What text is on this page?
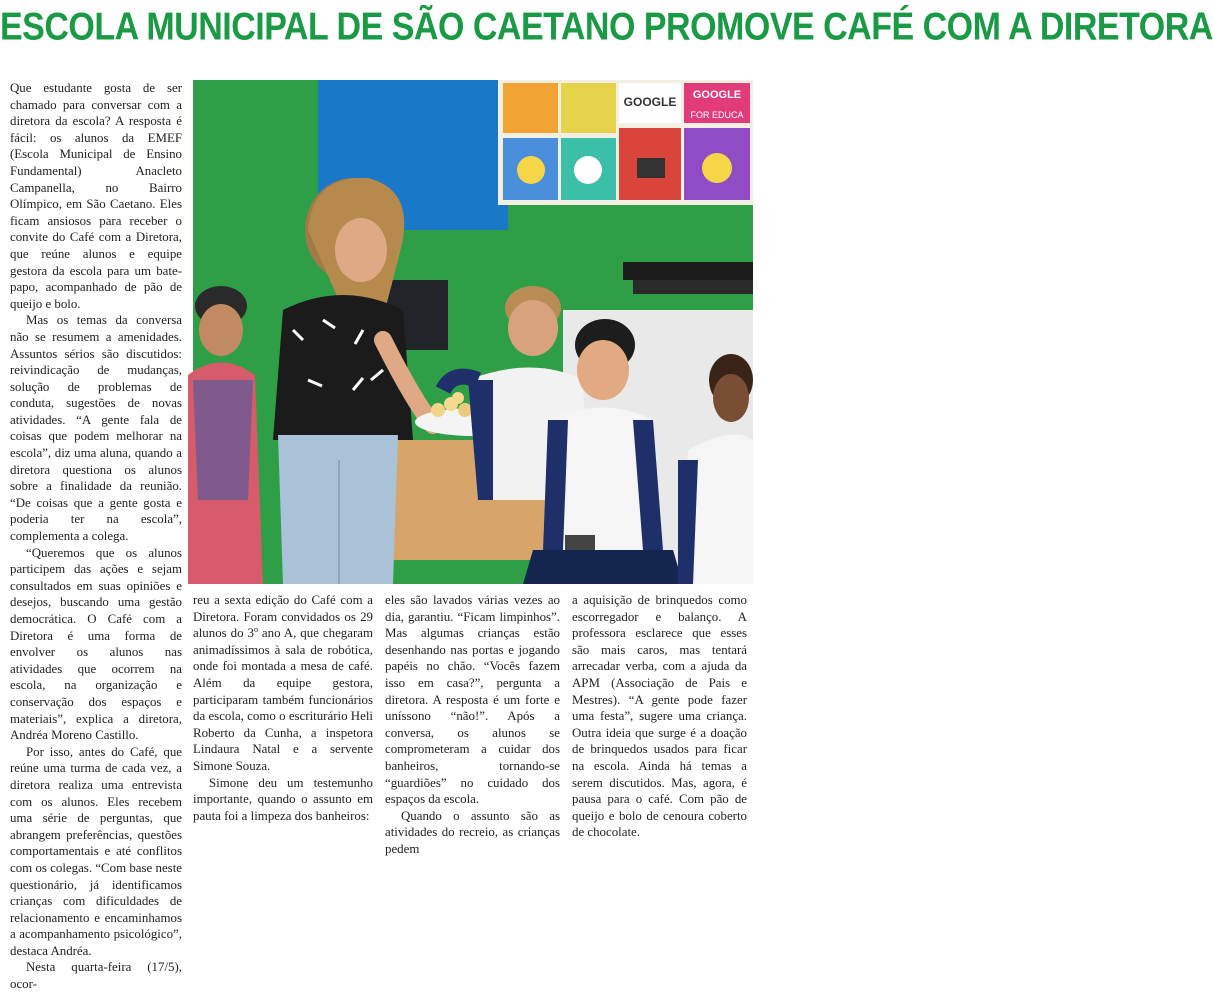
ESCOLA MUNICIPAL DE SÃO CAETANO PROMOVE CAFÉ COM A DIRETORA

Que estudante gosta de ser chamado para conversar com a diretora da escola? A resposta é fácil: os alunos da EMEF (Escola Municipal de Ensino Fundamental) Anacleto Campanella, no Bairro Olímpico, em São Caetano. Eles ficam ansiosos para receber o convite do Café com a Diretora, que reúne alunos e equipe gestora da escola para um bate-papo, acompanhado de pão de queijo e bolo.

Mas os temas da conversa não se resumem a amenidades. Assuntos sérios são discutidos: reivindicação de mudanças, solução de problemas de conduta, sugestões de novas atividades. “A gente fala de coisas que podem melhorar na escola”, diz uma aluna, quando a diretora questiona os alunos sobre a finalidade da reunião. “De coisas que a gente gosta e poderia ter na escola”, complementa a colega.

“Queremos que os alunos participem das ações e sejam consultados em suas opiniões e desejos, buscando uma gestão democrática. O Café com a Diretora é uma forma de envolver os alunos nas atividades que ocorrem na escola, na organização e conservação dos espaços e materiais”, explica a diretora, Andréa Moreno Castillo.

Por isso, antes do Café, que reúne uma turma de cada vez, a diretora realiza uma entrevista com os alunos. Eles recebem uma série de perguntas, que abrangem preferências, questões comportamentais e até conflitos com os colegas. “Com base neste questionário, já identificamos crianças com dificuldades de relacionamento e encaminhamos a acompanhamento psicológico”, destaca Andréa.

Nesta quarta-feira (17/5), ocor-

GOOGLE GOOGLE
FOR EDUCA

reu a sexta edição do Café com a Diretora. Foram convidados os 29 alunos do 3º ano A, que chegaram animadíssimos à sala de robótica, onde foi montada a mesa de café. Além da equipe gestora, participaram também funcionários da escola, como o escriturário Heli Roberto da Cunha, a inspetora Lindaura Natal e a servente Simone Souza.

Simone deu um testemunho importante, quando o assunto em pauta foi a limpeza dos banheiros:

eles são lavados várias vezes ao dia, garantiu. “Ficam limpinhos”. Mas algumas crianças estão desenhando nas portas e jogando papéis no chão. “Vocês fazem isso em casa?”, pergunta a diretora. A resposta é um forte e uníssono “não!”. Após a conversa, os alunos se comprometeram a cuidar dos banheiros, tornando-se “guardiões” no cuidado dos espaços da escola.

Quando o assunto são as atividades do recreio, as crianças pedem

a aquisição de brinquedos como escorregador e balanço. A professora esclarece que esses são mais caros, mas tentará arrecadar verba, com a ajuda da APM (Associação de Pais e Mestres). “A gente pode fazer uma festa”, sugere uma criança. Outra ideia que surge é a doação de brinquedos usados para ficar na escola. Ainda há temas a serem discutidos. Mas, agora, é pausa para o café. Com pão de queijo e bolo de cenoura coberto de chocolate.
